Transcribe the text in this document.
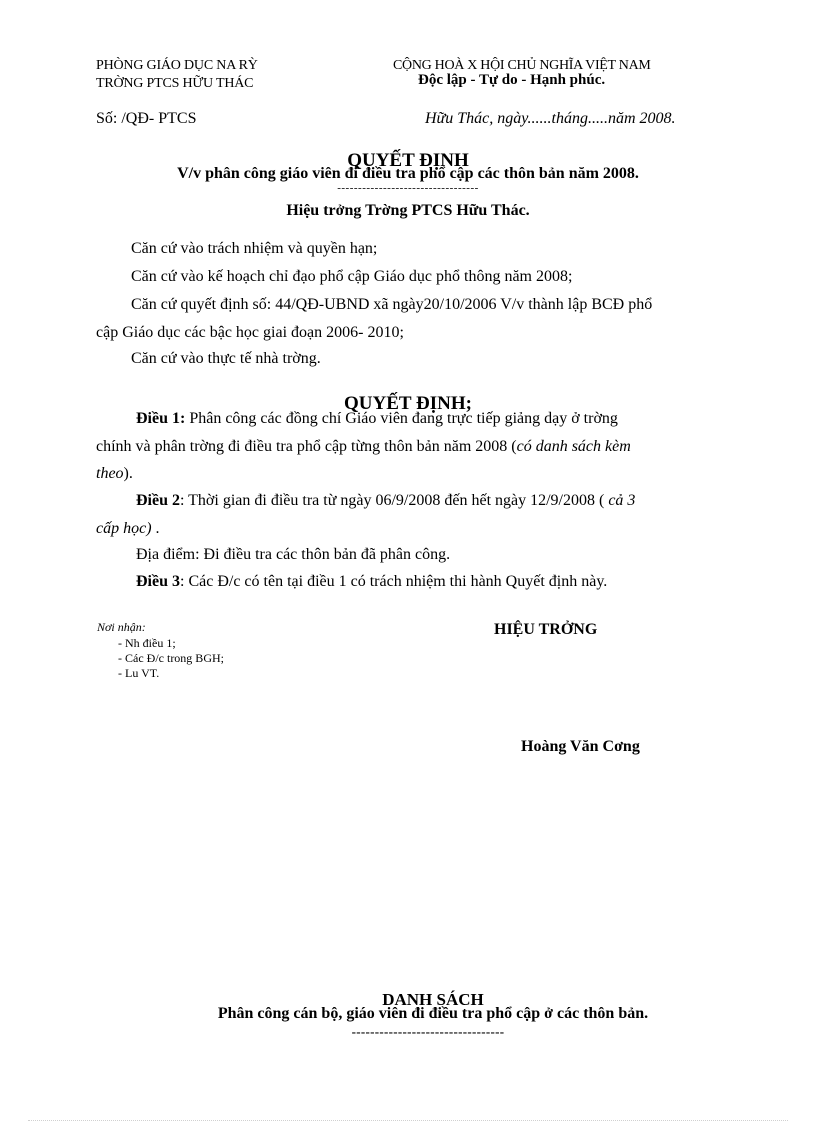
PHÒNG GIÁO DỤC NA RỲ
TRỜNG PTCS HỮU THÁC
CỘNG HOÀ X HỘI CHỦ NGHĨA VIỆT NAM
Độc lập - Tự do - Hạnh phúc.
Số: /QĐ- PTCS	Hữu Thác, ngày......tháng.....năm 2008.
QUYẾT ĐỊNH
V/v phân công giáo viên đi điều tra phổ cập các thôn bản năm 2008.
----------------------------------
Hiệu trởng Trờng PTCS Hữu Thác.
Căn cứ vào trách nhiệm và quyền hạn;
Căn cứ vào kế hoạch chỉ đạo phổ cập Giáo dục phổ thông năm 2008;
Căn cứ quyết định số: 44/QĐ-UBND xã ngày20/10/2006 V/v thành lập BCĐ phổ
cập Giáo dục các bậc học giai đoạn 2006- 2010;
Căn cứ vào thực tế nhà trờng.
QUYẾT ĐỊNH;
Điều 1: Phân công các đồng chí Giáo viên đang trực tiếp giảng dạy ở trờng
chính và phân trờng đi điều tra phổ cập từng thôn bản năm 2008 (có danh sách kèm
theo).
Điều 2: Thời gian đi điều tra từ ngày 06/9/2008 đến hết ngày 12/9/2008 ( cả 3
cấp học) .
Địa điểm: Đi điều tra các thôn bản đã phân công.
Điều 3: Các Đ/c có tên tại điều 1 có trách nhiệm thi hành Quyết định này.
Nơi nhận:
- Nh điều 1;
- Các Đ/c trong BGH;
- Lu VT.
HIỆU TRỞNG
Hoàng Văn Cơng
DANH SÁCH
Phân công cán bộ, giáo viên đi điều tra phổ cập ở các thôn bản.
---------------------------------
